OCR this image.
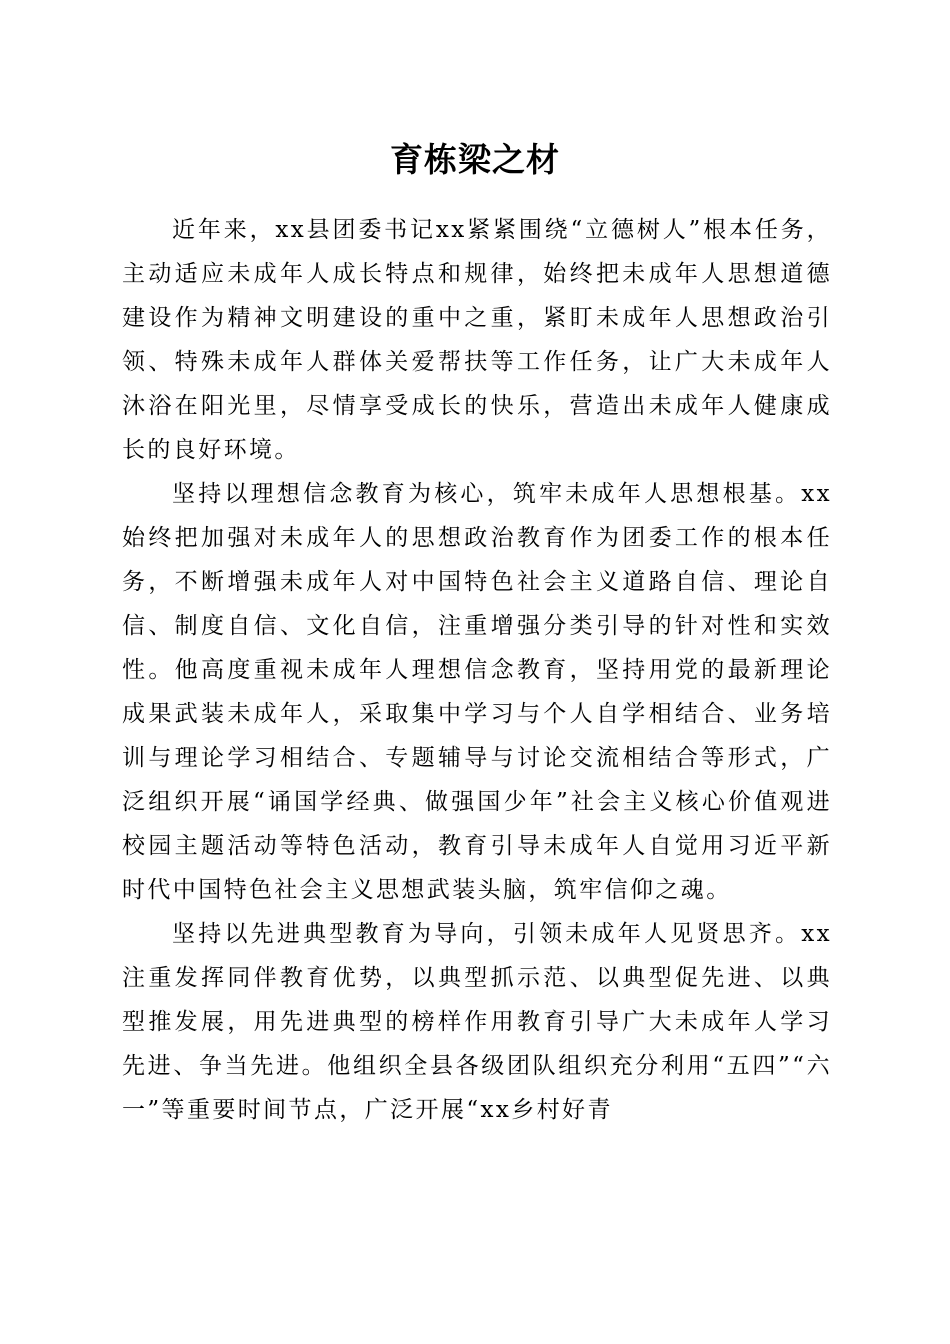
育栋梁之材

近年来，xx县团委书记xx紧紧围绕“立德树人”根本任务，主动适应未成年人成长特点和规律，始终把未成年人思想道德建设作为精神文明建设的重中之重，紧盯未成年人思想政治引领、特殊未成年人群体关爱帮扶等工作任务，让广大未成年人沐浴在阳光里，尽情享受成长的快乐，营造出未成年人健康成长的良好环境。

坚持以理想信念教育为核心，筑牢未成年人思想根基。xx始终把加强对未成年人的思想政治教育作为团委工作的根本任务，不断增强未成年人对中国特色社会主义道路自信、理论自信、制度自信、文化自信，注重增强分类引导的针对性和实效性。他高度重视未成年人理想信念教育，坚持用党的最新理论成果武装未成年人，采取集中学习与个人自学相结合、业务培训与理论学习相结合、专题辅导与讨论交流相结合等形式，广泛组织开展“诵国学经典、做强国少年”社会主义核心价值观进校园主题活动等特色活动，教育引导未成年人自觉用习近平新时代中国特色社会主义思想武装头脑，筑牢信仰之魂。

坚持以先进典型教育为导向，引领未成年人见贤思齐。xx注重发挥同伴教育优势，以典型抓示范、以典型促先进、以典型推发展，用先进典型的榜样作用教育引导广大未成年人学习先进、争当先进。他组织全县各级团队组织充分利用“五四”“六一”等重要时间节点，广泛开展“xx乡村好青
